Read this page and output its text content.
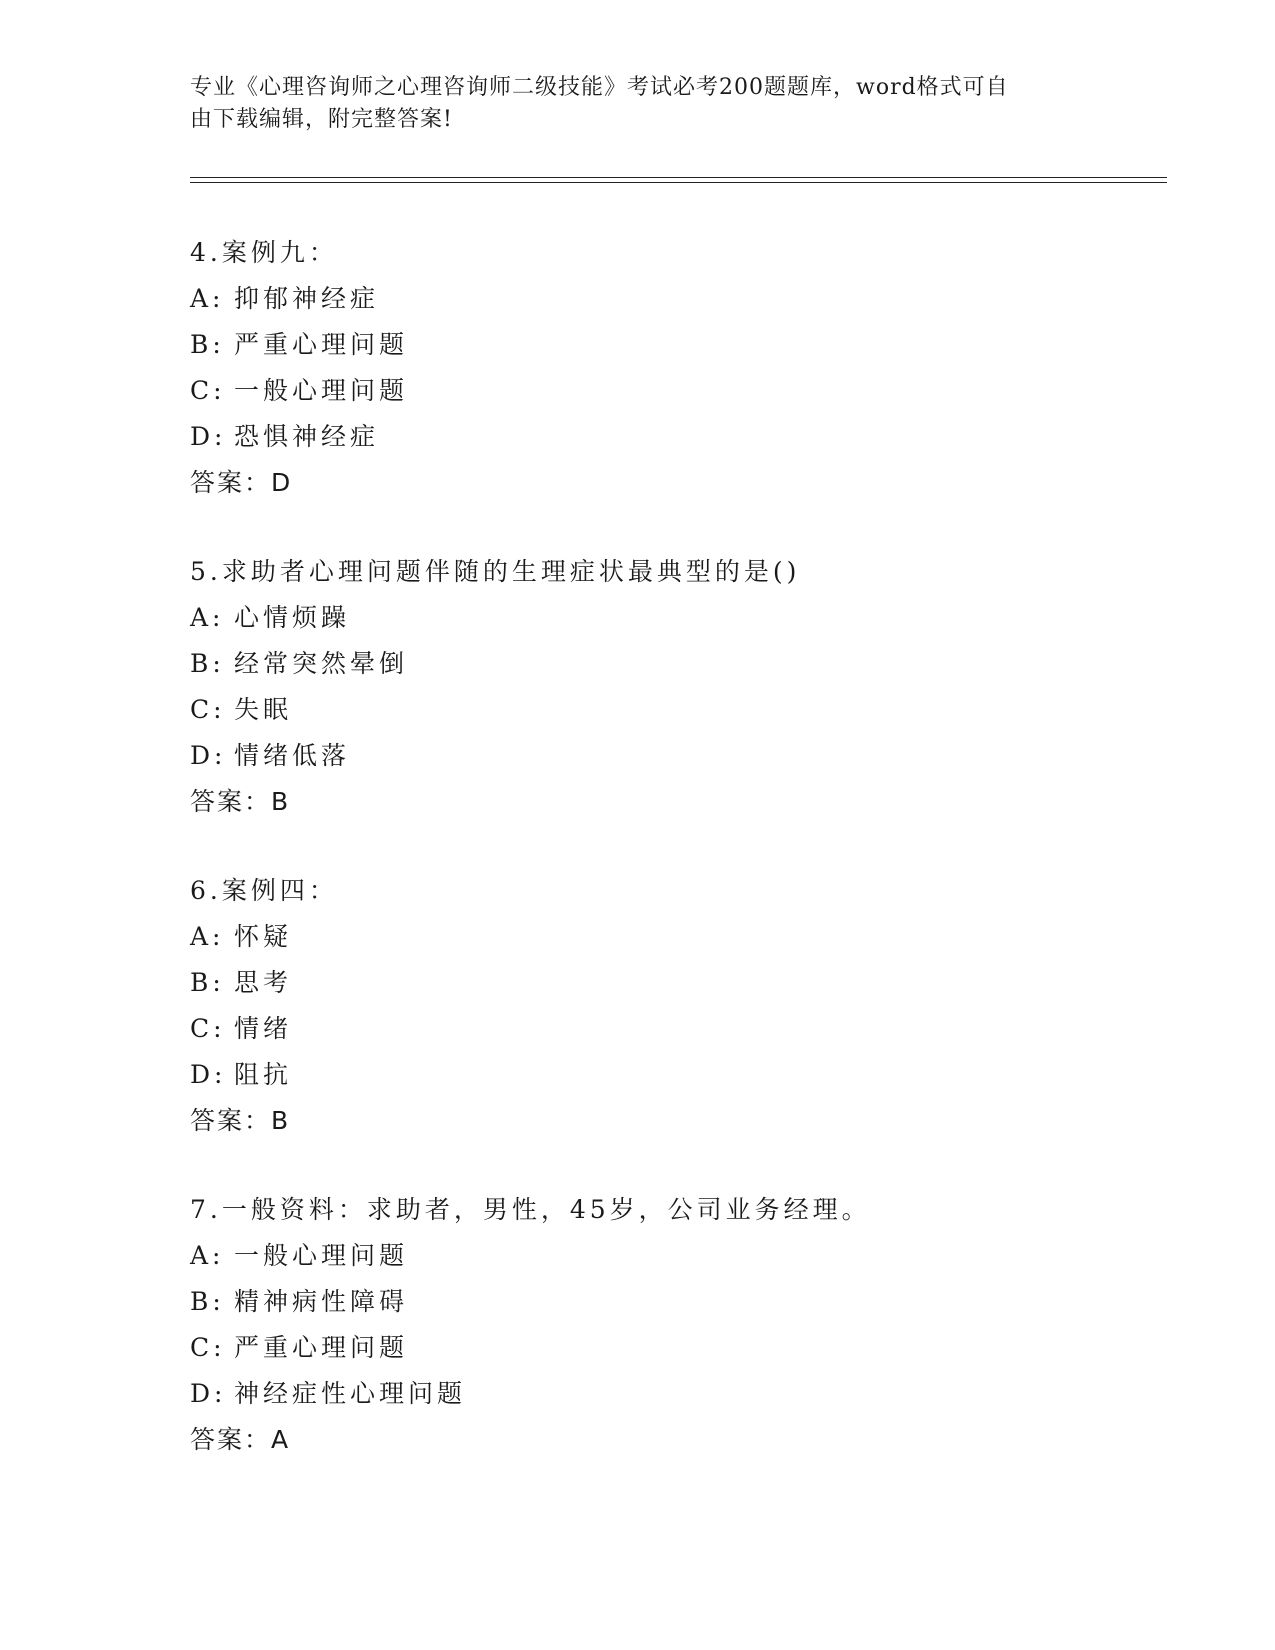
专业《心理咨询师之心理咨询师二级技能》考试必考200题题库，word格式可自
由下载编辑，附完整答案!
4.案例九：
A: 抑郁神经症
B: 严重心理问题
C: 一般心理问题
D: 恐惧神经症
答案：D
5.求助者心理问题伴随的生理症状最典型的是()
A: 心情烦躁
B: 经常突然晕倒
C: 失眠
D: 情绪低落
答案：B
6.案例四：
A: 怀疑
B: 思考
C: 情绪
D: 阻抗
答案：B
7.一般资料：求助者，男性，45岁，公司业务经理。
A: 一般心理问题
B: 精神病性障碍
C: 严重心理问题
D: 神经症性心理问题
答案：A
